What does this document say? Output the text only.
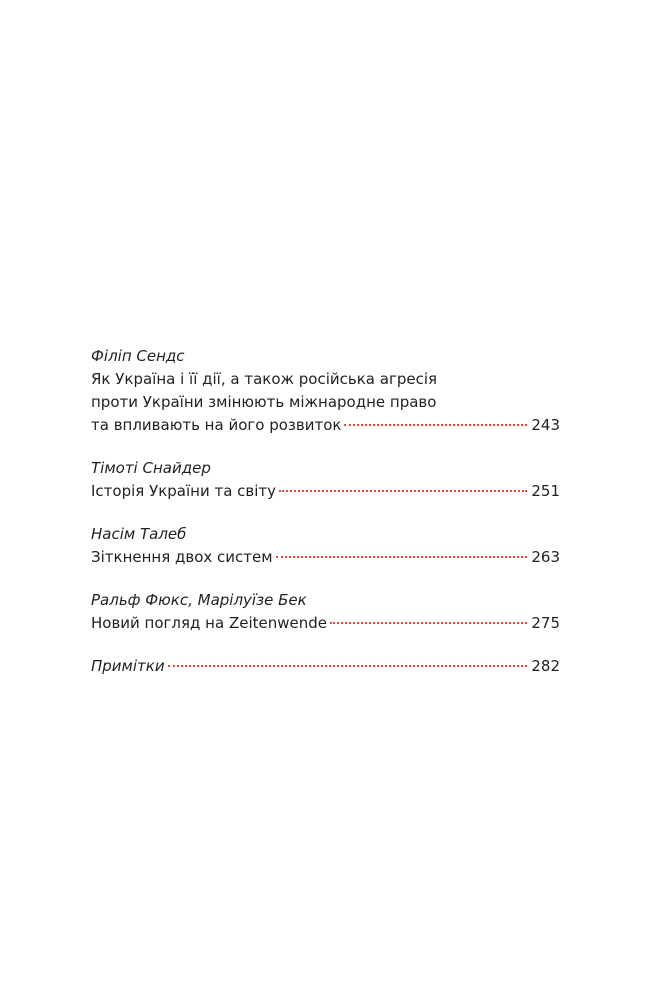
Філіп Сендс
Як Україна і її дії, а також російська агресія
проти України змінюють міжнародне право
та впливають на його розвиток	243
Тімоті Снайдер
Історія України та світу	251
Насім Талеб
Зіткнення двох систем	263
Ральф Фюкс, Марілуїзе Бек
Новий погляд на Zeitenwende	275
Примітки	282
